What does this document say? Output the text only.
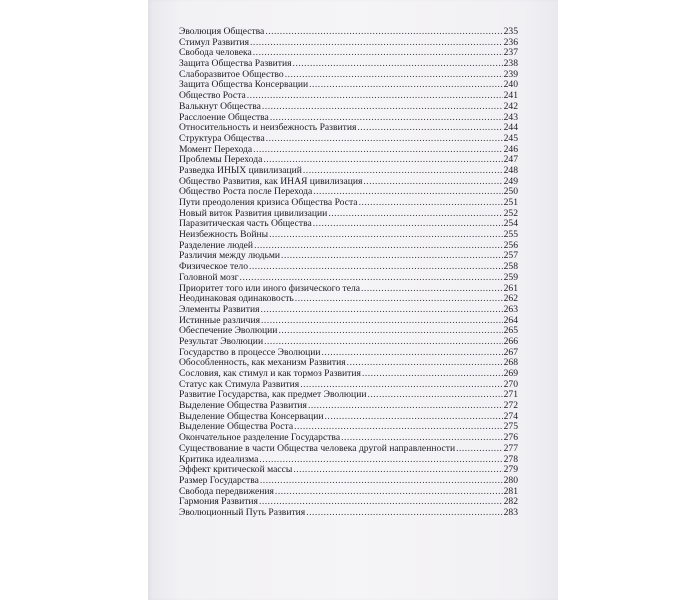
Эволюция Общества .....	235
Стимул Развития .....	236
Свобода человека .....	237
Защита Общества Развития .....	238
Слаборазвитое Общество .....	239
Защита Общества Консервации .....	240
Общество Роста .....	241
Валькнут Общества .....	242
Расслоение Общества .....	243
Относительность и неизбежность Развития .....	244
Структура Общества .....	245
Момент Перехода .....	246
Проблемы Перехода .....	247
Разведка ИНЫХ цивилизаций .....	248
Общество Развития, как ИНАЯ цивилизация .....	249
Общество Роста после Перехода .....	250
Пути преодоления кризиса Общества Роста .....	251
Новый виток Развития цивилизации .....	252
Паразитическая часть Общества .....	254
Неизбежность Войны .....	255
Разделение людей .....	256
Различия между людьми .....	257
Физическое тело .....	258
Головной мозг .....	259
Приоритет того или иного физического тела .....	261
Неодинаковая одинаковость .....	262
Элементы Развития .....	263
Истинные различия .....	264
Обеспечение Эволюции .....	265
Результат Эволюции .....	266
Государство в процессе Эволюции .....	267
Обособленность, как механизм Развития .....	268
Сословия, как стимул и как тормоз Развития .....	269
Статус как Стимула Развития .....	270
Развитие Государства, как предмет Эволюции .....	271
Выделение Общества Развития .....	272
Выделение Общества Консервации .....	274
Выделение Общества Роста .....	275
Окончательное разделение Государства .....	276
Существование в части Общества человека другой направленности .....	277
Критика идеализма .....	278
Эффект критической массы .....	279
Размер Государства .....	280
Свобода передвижения .....	281
Гармония Развития .....	282
Эволюционный Путь Развития .....	283
